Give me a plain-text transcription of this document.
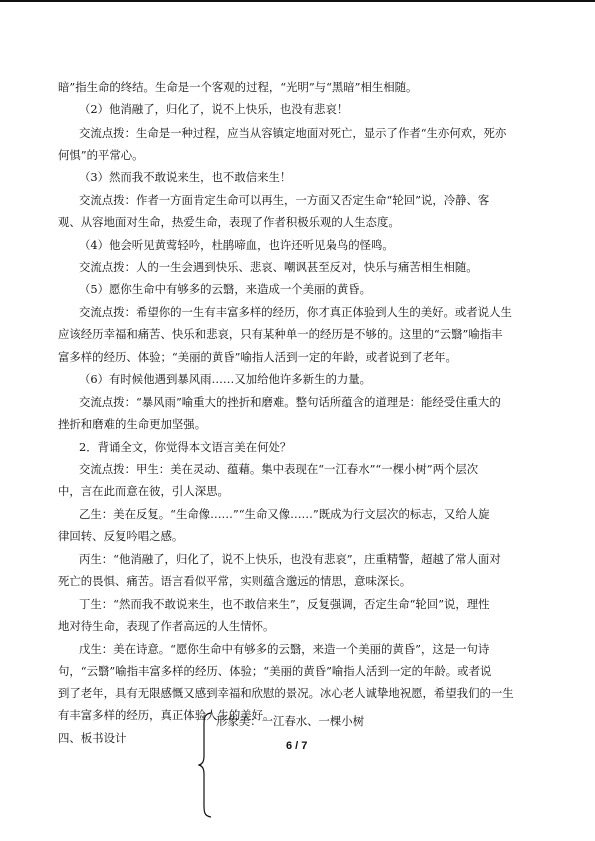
暗”指生命的终结。生命是一个客观的过程，“光明”与“黑暗”相生相随。
（2）他消融了，归化了，说不上快乐，也没有悲哀！
交流点拨：生命是一种过程，应当从容镇定地面对死亡，显示了作者“生亦何欢，死亦
何惧”的平常心。
（3）然而我不敢说来生，也不敢信来生！
交流点拨：作者一方面肯定生命可以再生，一方面又否定生命“轮回”说，冷静、客
观、从容地面对生命，热爱生命，表现了作者积极乐观的人生态度。
（4）他会听见黄莺轻吟，杜鹃啼血，也许还听见枭鸟的怪鸣。
交流点拨：人的一生会遇到快乐、悲哀、嘲讽甚至反对，快乐与痛苦相生相随。
（5）愿你生命中有够多的云翳，来造成一个美丽的黄昏。
交流点拨：希望你的一生有丰富多样的经历，你才真正体验到人生的美好。或者说人生
应该经历幸福和痛苦、快乐和悲哀，只有某种单一的经历是不够的。这里的“云翳”喻指丰
富多样的经历、体验；“美丽的黄昏”喻指人活到一定的年龄，或者说到了老年。
（6）有时候他遇到暴风雨……又加给他许多新生的力量。
交流点拨：“暴风雨”喻重大的挫折和磨难。整句话所蕴含的道理是：能经受住重大的
挫折和磨难的生命更加坚强。
2．背诵全文，你觉得本文语言美在何处？
交流点拨：甲生：美在灵动、蕴藉。集中表现在“一江春水”“一棵小树”两个层次
中，言在此而意在彼，引人深思。
乙生：美在反复。“生命像……”“生命又像……”既成为行文层次的标志，又给人旋
律回转、反复吟唱之感。
丙生：“他消融了，归化了，说不上快乐，也没有悲哀”，庄重精警，超越了常人面对
死亡的畏惧、痛苦。语言看似平常，实则蕴含邈远的情思，意味深长。
丁生：“然而我不敢说来生，也不敢信来生”，反复强调，否定生命“轮回”说，理性
地对待生命，表现了作者高远的人生情怀。
戊生：美在诗意。“愿你生命中有够多的云翳，来造一个美丽的黄昏”，这是一句诗
句，“云翳”喻指丰富多样的经历、体验；“美丽的黄昏”喻指人活到一定的年龄。或者说
到了老年，具有无限感慨又感到幸福和欣慰的景况。冰心老人诚挚地祝愿，希望我们的一生
有丰富多样的经历，真正体验人生的美好。
四、板书设计
形象美：一江春水、一棵小树
6 / 7
